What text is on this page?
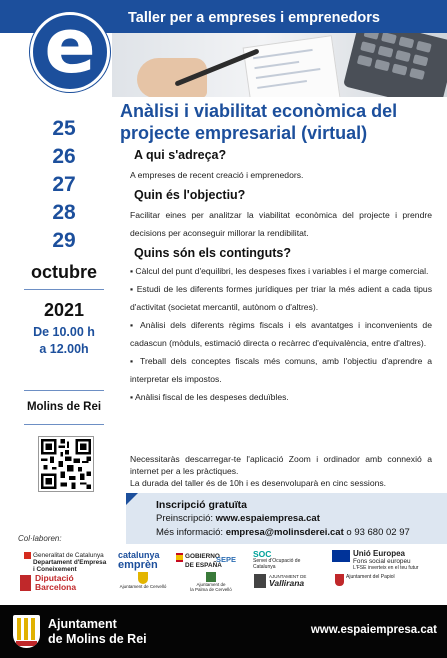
Taller per a empreses i emprenedors
e
Anàlisi i viabilitat econòmica del projecte empresarial (virtual)
25
26
27
28
29
octubre
2021
De 10.00 h
a 12.00h
Molins de Rei
A qui s'adreça?
A empreses de recent creació i emprenedors.
Quin és l'objectiu?
Facilitar eines per analitzar la viabilitat econòmica del projecte i prendre decisions per aconseguir millorar la rendibilitat.
Quins són els continguts?
▪ Càlcul del punt d'equilibri, les despeses fixes i variables i el marge comercial.
▪ Estudi de les diferents formes jurídiques per triar la més adient a cada tipus d'activitat (societat mercantil, autònom o d'altres).
▪ Anàlisi dels diferents règims fiscals i els avantatges i inconvenients de cadascun (mòduls, estimació directa o recàrrec d'equivalència, entre d'altres).
▪ Treball dels conceptes fiscals més comuns, amb l'objectiu d'aprendre a interpretar els impostos.
▪ Anàlisi fiscal de les despeses deduïbles.
Necessitaràs descarregar-te l'aplicació Zoom i ordinador amb connexió a internet per a les pràctiques.
La durada del taller és de 10h i es desenvoluparà en cinc sessions.
Inscripció gratuïta
Preinscripció: www.espaiempresa.cat
Més informació: empresa@molinsderei.cat o 93 680 02 97
Col·laboren:
Generalitat de Catalunya
Departament d'Empresa
i Coneixement
catalunya
emprèn
GOBIERNO
DE ESPAÑA
SEPE
SOC
Servei d'Ocupació de Catalunya
Unió Europea
Fons social europeu
L'FSE inverteix en el teu futur
Diputació
Barcelona	Ajuntament de Cervelló	Ajuntament de
la Palma de Cervelló
AJUNTAMENT DE
Vallirana
Ajuntament del Papiol
Ajuntament
de Molins de Rei
www.espaiempresa.cat
